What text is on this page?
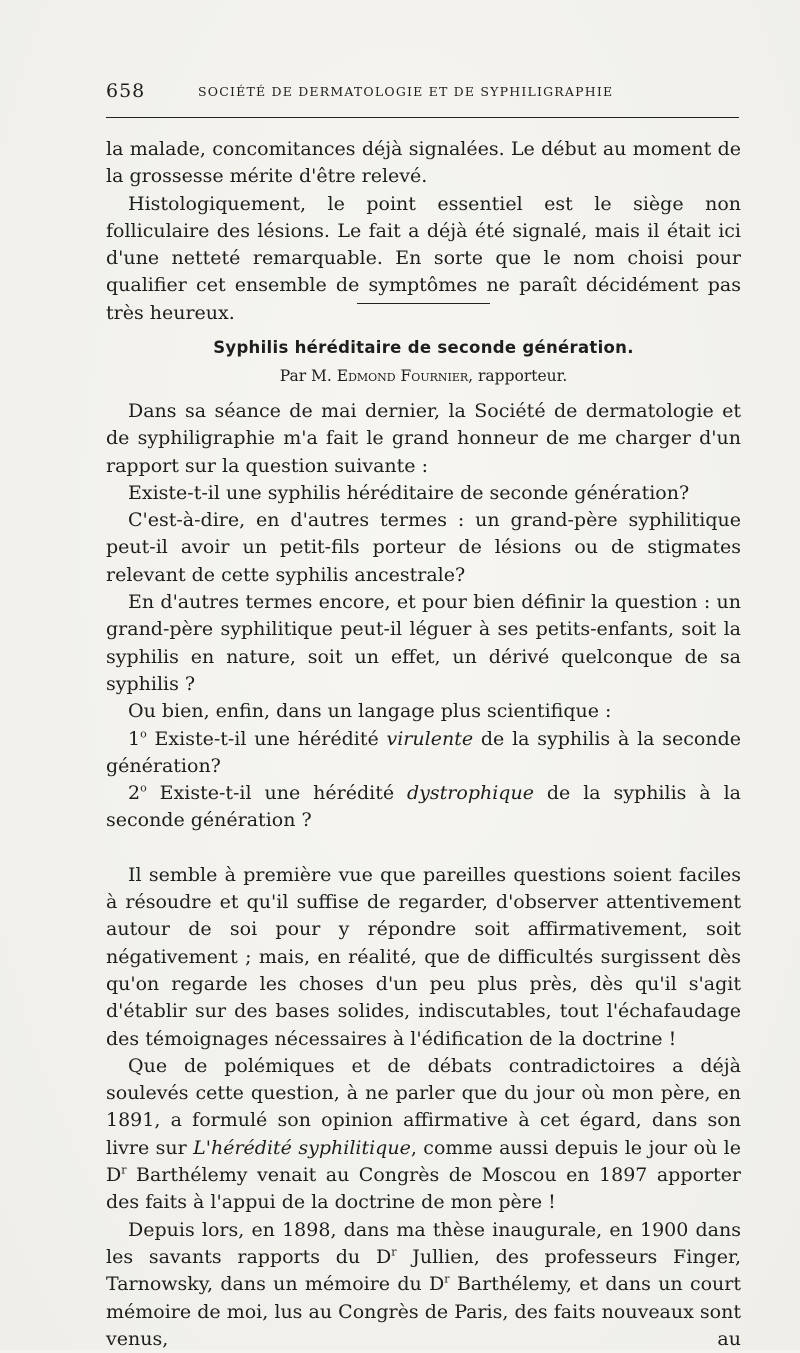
658	SOCIÉTÉ DE DERMATOLOGIE ET DE SYPHILIGRAPHIE

la malade, concomitances déjà signalées. Le début au moment de la grossesse mérite d'être relevé.

Histologiquement, le point essentiel est le siège non folliculaire des lésions. Le fait a déjà été signalé, mais il était ici d'une netteté remarquable. En sorte que le nom choisi pour qualifier cet ensemble de symptômes ne paraît décidément pas très heureux.

Syphilis héréditaire de seconde génération.
Par M. Edmond Fournier, rapporteur.

Dans sa séance de mai dernier, la Société de dermatologie et de syphiligraphie m'a fait le grand honneur de me charger d'un rapport sur la question suivante :

Existe-t-il une syphilis héréditaire de seconde génération?

C'est-à-dire, en d'autres termes : un grand-père syphilitique peut-il avoir un petit-fils porteur de lésions ou de stigmates relevant de cette syphilis ancestrale?

En d'autres termes encore, et pour bien définir la question : un grand-père syphilitique peut-il léguer à ses petits-enfants, soit la syphilis en nature, soit un effet, un dérivé quelconque de sa syphilis ?

Ou bien, enfin, dans un langage plus scientifique :

1$^o$ Existe-t-il une hérédité virulente de la syphilis à la seconde génération?

2$^o$ Existe-t-il une hérédité dystrophique de la syphilis à la seconde génération ?

Il semble à première vue que pareilles questions soient faciles à résoudre et qu'il suffise de regarder, d'observer attentivement autour de soi pour y répondre soit affirmativement, soit négativement ; mais, en réalité, que de difficultés surgissent dès qu'on regarde les choses d'un peu plus près, dès qu'il s'agit d'établir sur des bases solides, indiscutables, tout l'échafaudage des témoignages nécessaires à l'édification de la doctrine !

Que de polémiques et de débats contradictoires a déjà soulevés cette question, à ne parler que du jour où mon père, en 1891, a formulé son opinion affirmative à cet égard, dans son livre sur L'hérédité syphilitique, comme aussi depuis le jour où le $D^r$ Barthélemy venait au Congrès de Moscou en 1897 apporter des faits à l'appui de la doctrine de mon père !

Depuis lors, en 1898, dans ma thèse inaugurale, en 1900 dans les savants rapports du $D^r$ Jullien, des professeurs Finger, Tarnowsky, dans un mémoire du $D^r$ Barthélemy, et dans un court mémoire de moi, lus au Congrès de Paris, des faits nouveaux sont venus, au
